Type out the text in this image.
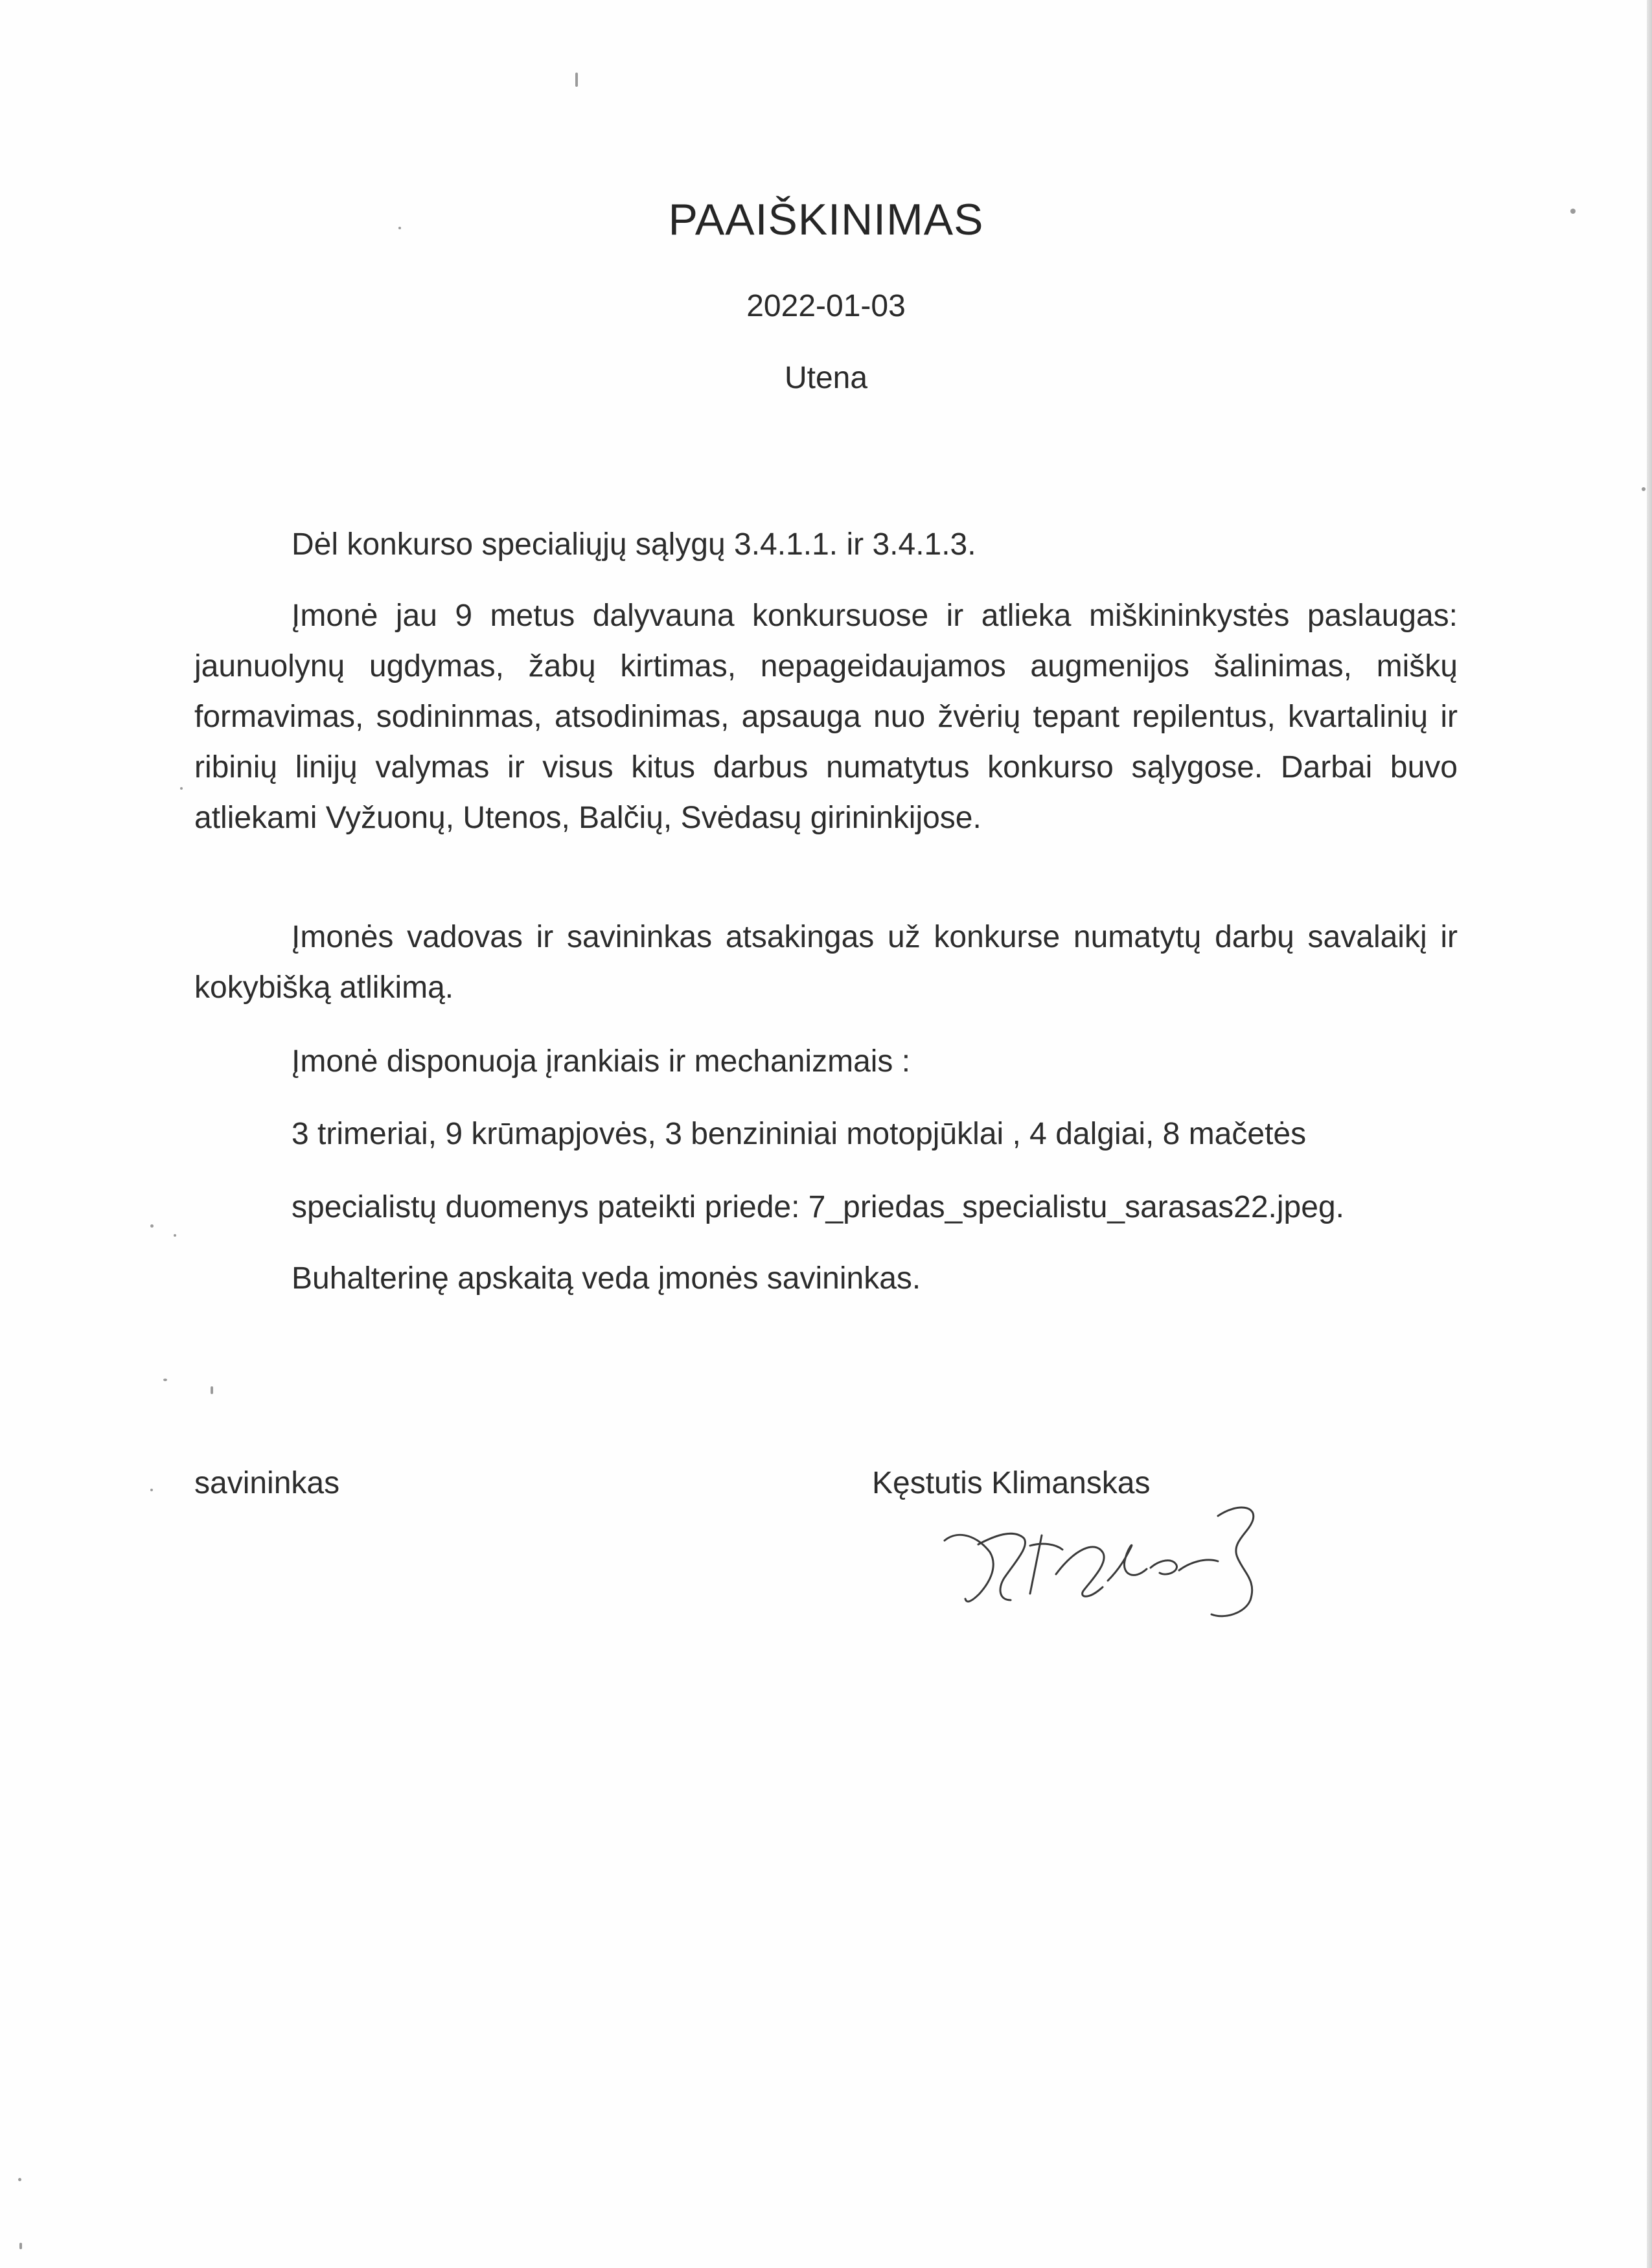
PAAIŠKINIMAS
2022-01-03
Utena
Dėl konkurso specialiųjų sąlygų 3.4.1.1. ir 3.4.1.3.
Įmonė jau 9 metus dalyvauna konkursuose ir atlieka miškininkystės paslaugas: jaunuolynų ugdymas, žabų kirtimas, nepageidaujamos augmenijos šalinimas, miškų formavimas, sodininmas, atsodinimas, apsauga nuo žvėrių tepant repilentus, kvartalinių ir ribinių linijų valymas ir visus kitus darbus numatytus konkurso sąlygose. Darbai buvo atliekami Vyžuonų, Utenos, Balčių, Svėdasų girininkijose.
Įmonės vadovas ir savininkas atsakingas už konkurse numatytų darbų savalaikį ir kokybišką atlikimą.
Įmonė disponuoja įrankiais ir mechanizmais :
3 trimeriai, 9 krūmapjovės, 3 benzininiai motopjūklai , 4 dalgiai, 8 mačetės
specialistų duomenys pateikti priede: 7_priedas_specialistu_sarasas22.jpeg.
Buhalterinę apskaitą veda įmonės savininkas.
savininkas	Kęstutis Klimanskas
